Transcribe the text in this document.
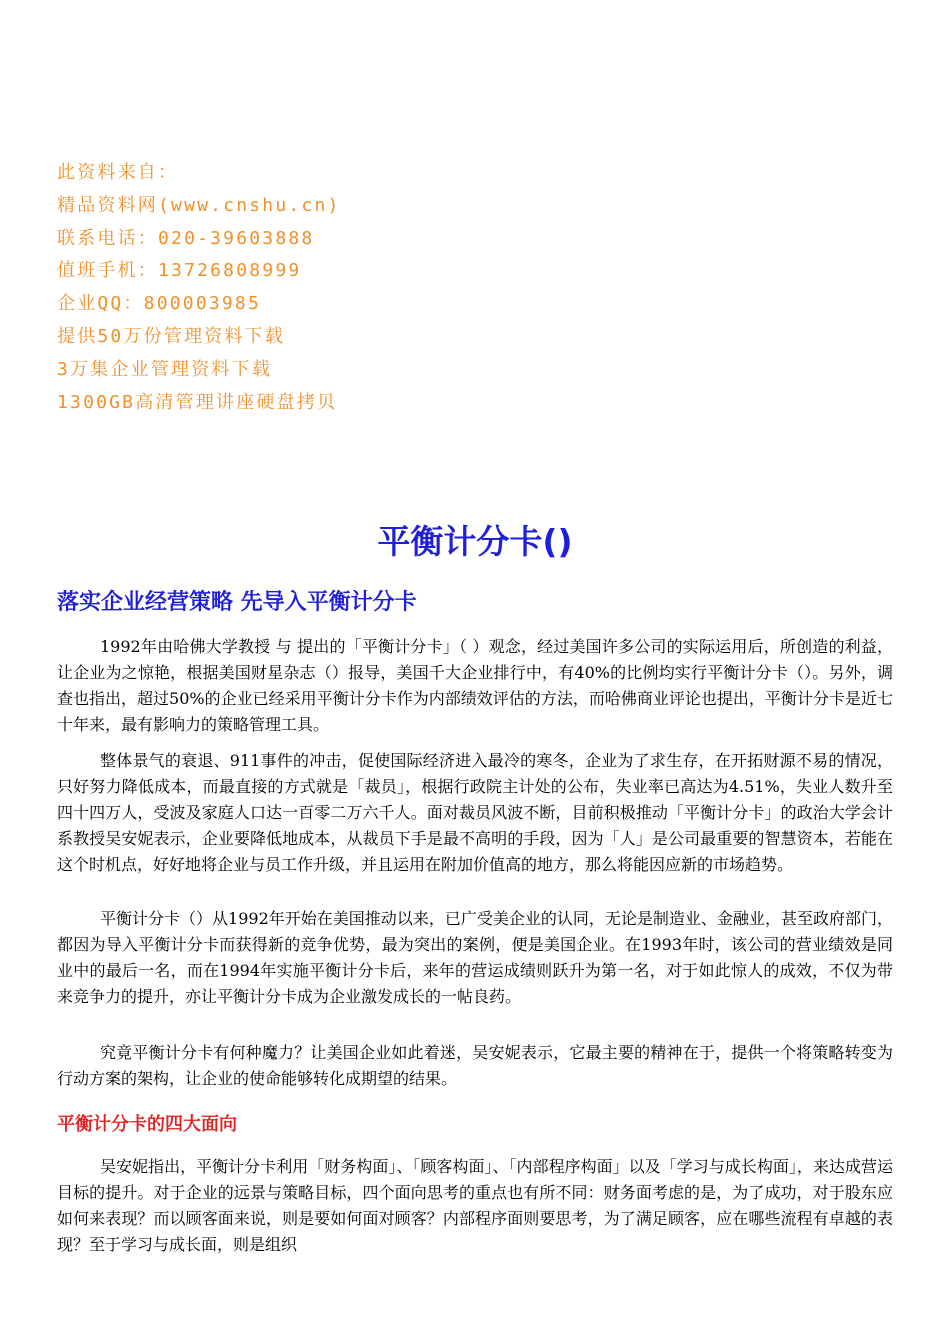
此资料来自：
精品资料网(www.cnshu.cn)
联系电话：020-39603888
值班手机：13726808999
企业QQ：800003985
提供50万份管理资料下载
3万集企业管理资料下载
1300GB高清管理讲座硬盘拷贝
平衡计分卡()
落实企业经营策略 先导入平衡计分卡

1992年由哈佛大学教授 与 提出的「平衡计分卡」（ ）观念，经过美国许多公司的实际运用后，所创造的利益，让企业为之惊艳，根据美国财星杂志（）报导，美国千大企业排行中，有40%的比例均实行平衡计分卡（）。另外，调查也指出，超过50%的企业已经采用平衡计分卡作为内部绩效评估的方法，而哈佛商业评论也提出，平衡计分卡是近七十年来，最有影响力的策略管理工具。

整体景气的衰退、911事件的冲击，促使国际经济进入最冷的寒冬，企业为了求生存，在开拓财源不易的情况，只好努力降低成本，而最直接的方式就是「裁员」，根据行政院主计处的公布，失业率已高达为4.51%，失业人数升至四十四万人，受波及家庭人口达一百零二万六千人。面对裁员风波不断，目前积极推动「平衡计分卡」的政治大学会计系教授吴安妮表示，企业要降低地成本，从裁员下手是最不高明的手段，因为「人」是公司最重要的智慧资本，若能在这个时机点，好好地将企业与员工作升级，并且运用在附加价值高的地方，那么将能因应新的市场趋势。

平衡计分卡（）从1992年开始在美国推动以来，已广受美企业的认同，无论是制造业、金融业，甚至政府部门，都因为导入平衡计分卡而获得新的竞争优势，最为突出的案例，便是美国企业。在1993年时，该公司的营业绩效是同业中的最后一名，而在1994年实施平衡计分卡后，来年的营运成绩则跃升为第一名，对于如此惊人的成效，不仅为带来竞争力的提升，亦让平衡计分卡成为企业激发成长的一帖良药。

究竟平衡计分卡有何种魔力？让美国企业如此着迷，吴安妮表示，它最主要的精神在于，提供一个将策略转变为行动方案的架构，让企业的使命能够转化成期望的结果。

平衡计分卡的四大面向

吴安妮指出，平衡计分卡利用「财务构面」、「顾客构面」、「内部程序构面」以及「学习与成长构面」，来达成营运目标的提升。对于企业的远景与策略目标，四个面向思考的重点也有所不同：财务面考虑的是，为了成功，对于股东应如何来表现？而以顾客面来说，则是要如何面对顾客？内部程序面则要思考，为了满足顾客，应在哪些流程有卓越的表现？至于学习与成长面，则是组织
